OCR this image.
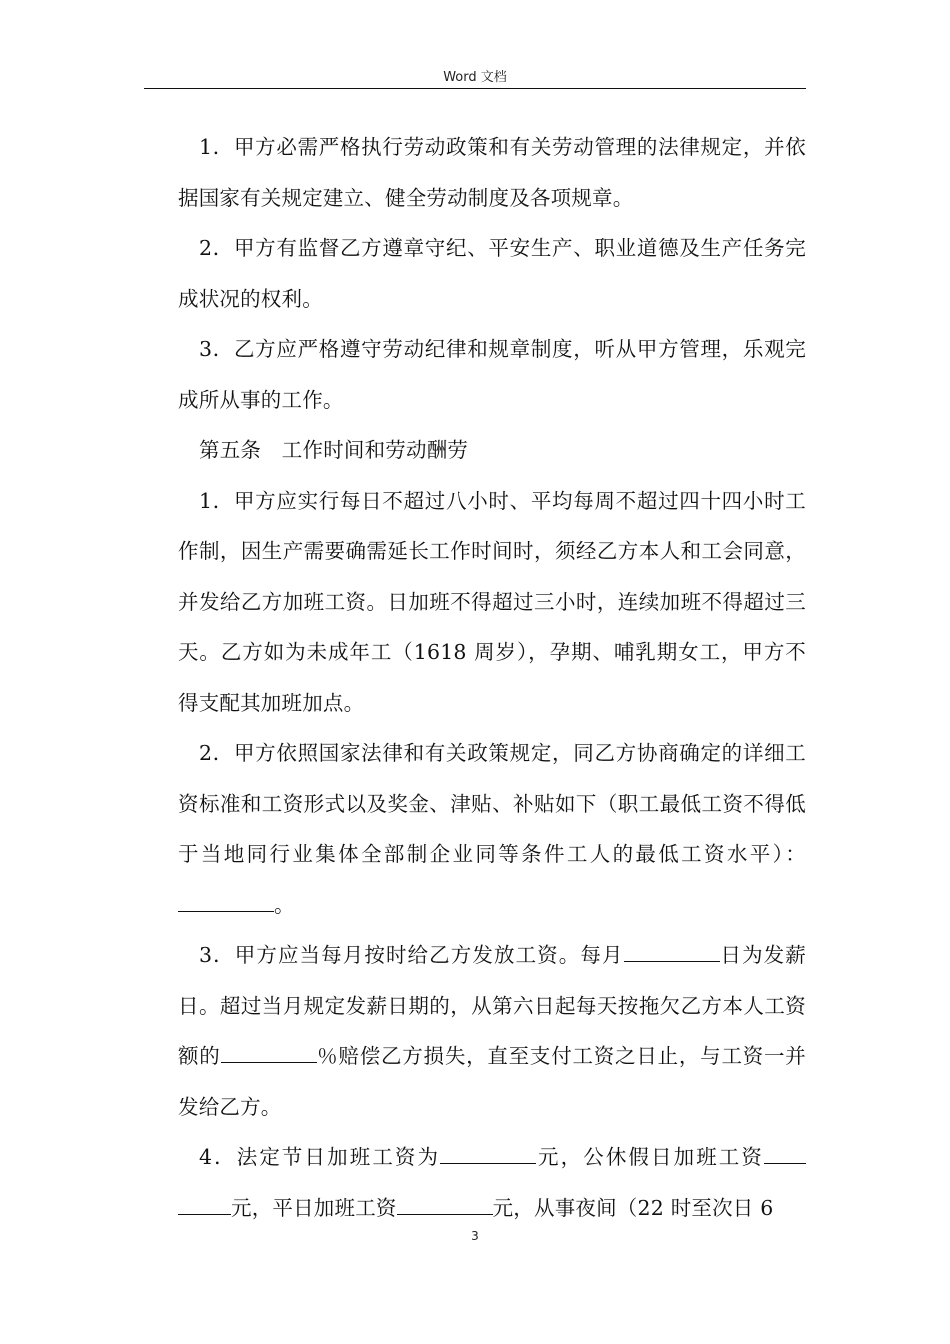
Word 文档

1．甲方必需严格执行劳动政策和有关劳动管理的法律规定，并依据国家有关规定建立、健全劳动制度及各项规章。

2．甲方有监督乙方遵章守纪、平安生产、职业道德及生产任务完成状况的权利。

3．乙方应严格遵守劳动纪律和规章制度，听从甲方管理，乐观完成所从事的工作。

第五条　工作时间和劳动酬劳

1．甲方应实行每日不超过八小时、平均每周不超过四十四小时工作制，因生产需要确需延长工作时间时，须经乙方本人和工会同意，并发给乙方加班工资。日加班不得超过三小时，连续加班不得超过三天。乙方如为未成年工（1618 周岁），孕期、哺乳期女工，甲方不得支配其加班加点。

2．甲方依照国家法律和有关政策规定，同乙方协商确定的详细工资标准和工资形式以及奖金、津贴、补贴如下（职工最低工资不得低于当地同行业集体全部制企业同等条件工人的最低工资水平）：。

3．甲方应当每月按时给乙方发放工资。每月	日为发薪日。超过当月规定发薪日期的，从第六日起每天按拖欠乙方本人工资额的	％赔偿乙方损失，直至支付工资之日止，与工资一并发给乙方。

4．法定节日加班工资为	元，公休假日加班工资元，平日加班工资	元，从事夜间（22 时至次日 6

3
